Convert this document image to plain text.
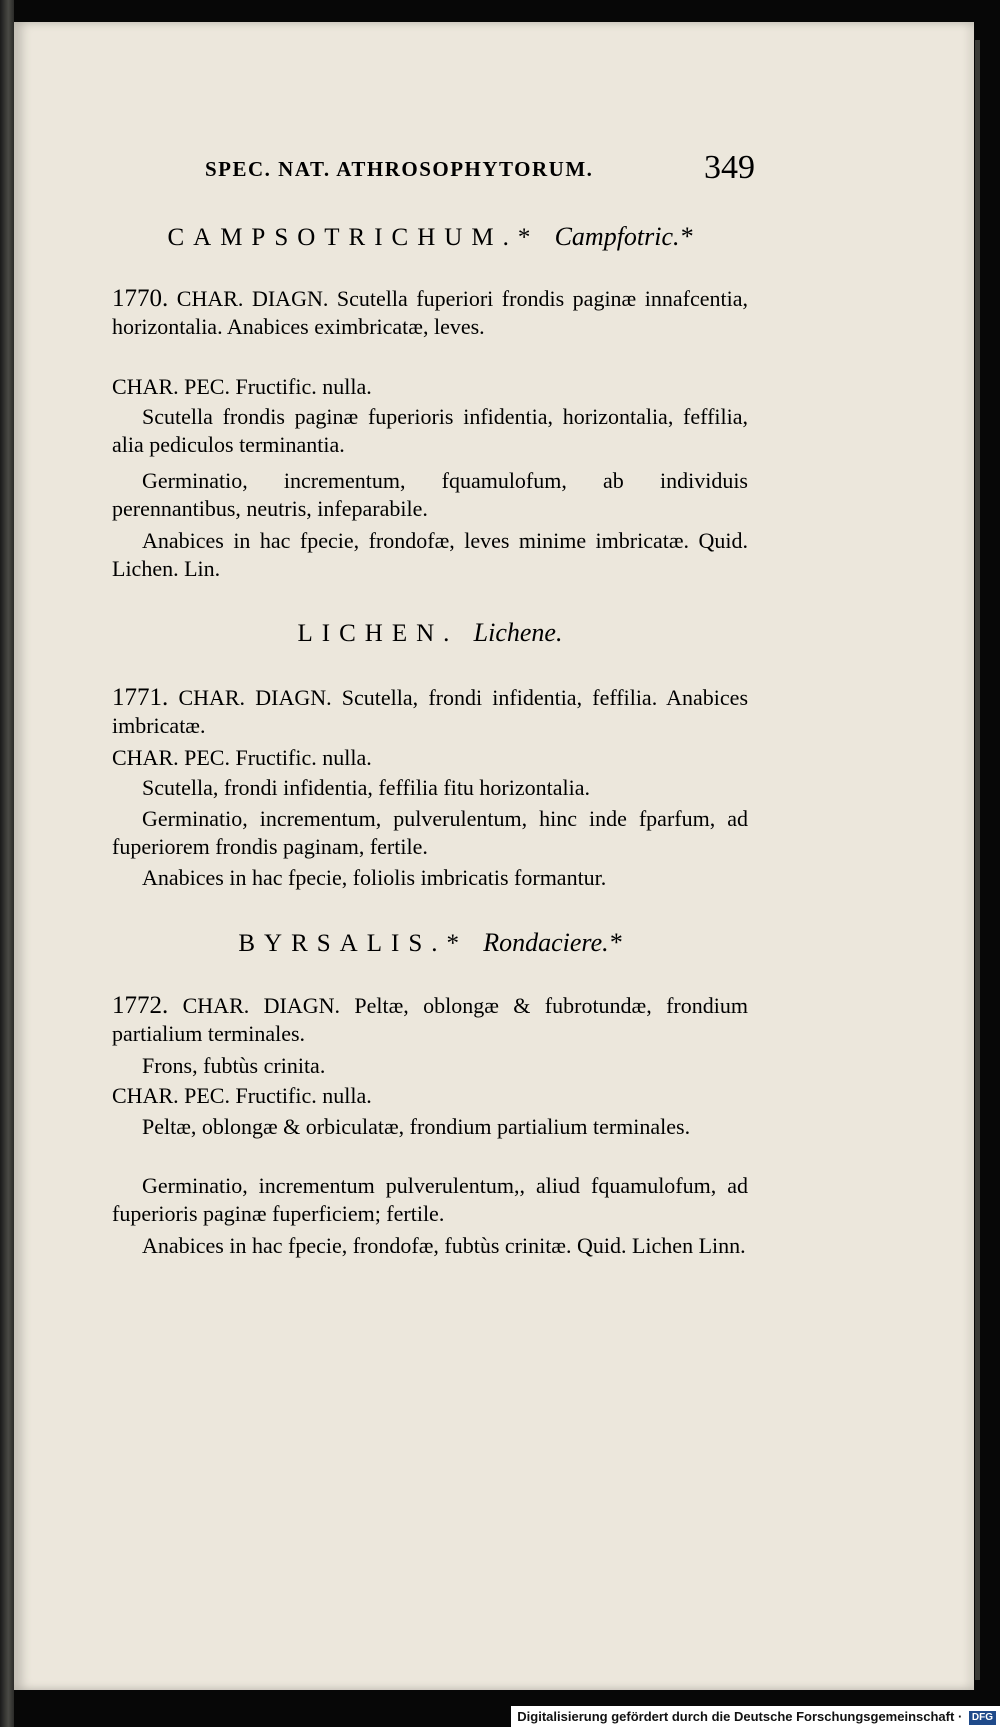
SPEC. NAT. ATHROSOPHYTORUM.	349
CAMPSOTRICHUM.* Campfotric.*
1770. CHAR. DIAGN. Scutella fuperiori frondis paginæ innafcentia, horizontalia. Anabices eximbricatæ, leves.
CHAR. PEC. Fructific. nulla.
Scutella frondis paginæ fuperioris infidentia, horizontalia, feffilia, alia pediculos terminantia.
Germinatio, incrementum, fquamulofum, ab individuis perennantibus, neutris, infeparabile.
Anabices in hac fpecie, frondofæ, leves minime imbricatæ. Quid. Lichen. Lin.
LICHEN. Lichene.
1771. CHAR. DIAGN. Scutella, frondi infidentia, feffilia. Anabices imbricatæ.
CHAR. PEC. Fructific. nulla.
Scutella, frondi infidentia, feffilia fitu horizontalia.
Germinatio, incrementum, pulverulentum, hinc inde fparfum, ad fuperiorem frondis paginam, fertile.
Anabices in hac fpecie, foliolis imbricatis formantur.
BYRSALIS.* Rondaciere.*
1772. CHAR. DIAGN. Peltæ, oblongæ & fubrotundæ, frondium partialium terminales.
Frons, fubtùs crinita.
CHAR. PEC. Fructific. nulla.
Peltæ, oblongæ & orbiculatæ, frondium partialium terminales.
Germinatio, incrementum pulverulentum,, aliud fquamulofum, ad fuperioris paginæ fuperficiem; fertile.
Anabices in hac fpecie, frondofæ, fubtùs crinitæ. Quid. Lichen Linn.
Digitalisierung gefördert durch die Deutsche Forschungsgemeinschaft · DFG
